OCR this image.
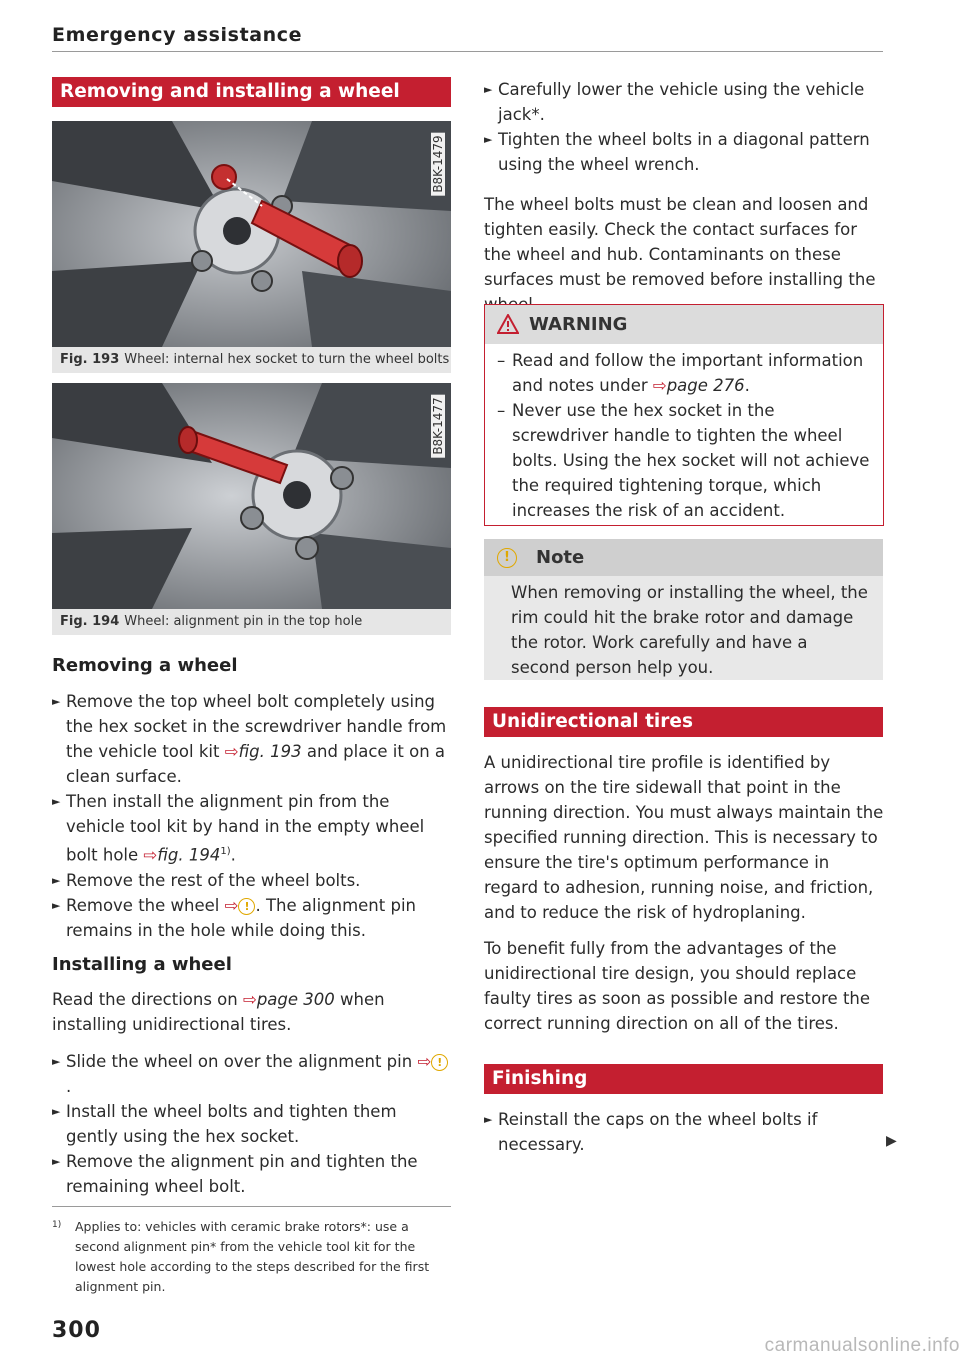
Emergency assistance
Removing and installing a wheel
B8K-1479
Fig. 193 Wheel: internal hex socket to turn the wheel bolts
B8K-1477
Fig. 194 Wheel: alignment pin in the top hole
Removing a wheel
► Remove the top wheel bolt completely using the hex socket in the screwdriver handle from the vehicle tool kit ⇨fig. 193 and place it on a clean surface.
► Then install the alignment pin from the vehicle tool kit by hand in the empty wheel bolt hole ⇨fig. 194$^{1)}$.
► Remove the rest of the wheel bolts.
► Remove the wheel ⇨ ! . The alignment pin remains in the hole while doing this.
Installing a wheel
Read the directions on ⇨page 300 when installing unidirectional tires.
► Slide the wheel on over the alignment pin ⇨ !.
► Install the wheel bolts and tighten them gently using the hex socket.
► Remove the alignment pin and tighten the remaining wheel bolt.
1) Applies to: vehicles with ceramic brake rotors*: use a second alignment pin* from the vehicle tool kit for the lowest hole according to the steps described for the first alignment pin.
300
► Carefully lower the vehicle using the vehicle jack*.
► Tighten the wheel bolts in a diagonal pattern using the wheel wrench.
The wheel bolts must be clean and loosen and tighten easily. Check the contact surfaces for the wheel and hub. Contaminants on these surfaces must be removed before installing the
WARNING
– Read and follow the important information and notes under ⇨page 276.
– Never use the hex socket in the screwdriver handle to tighten the wheel bolts. Using the hex socket will not achieve the required tightening torque, which increases the risk of an accident.
!	Note
When removing or installing the wheel, the rim could hit the brake rotor and damage the rotor. Work carefully and have a second person help you.
Unidirectional tires
A unidirectional tire profile is identified by arrows on the tire sidewall that point in the running direction. You must always maintain the specified running direction. This is necessary to ensure the tire's optimum performance in regard to adhesion, running noise, and friction, and to reduce the risk of hydroplaning.
To benefit fully from the advantages of the unidirectional tire design, you should replace faulty tires as soon as possible and restore the correct running direction on all of the tires.
Finishing
► Reinstall the caps on the wheel bolts if necessary.	▶
carmanualsonline.info
